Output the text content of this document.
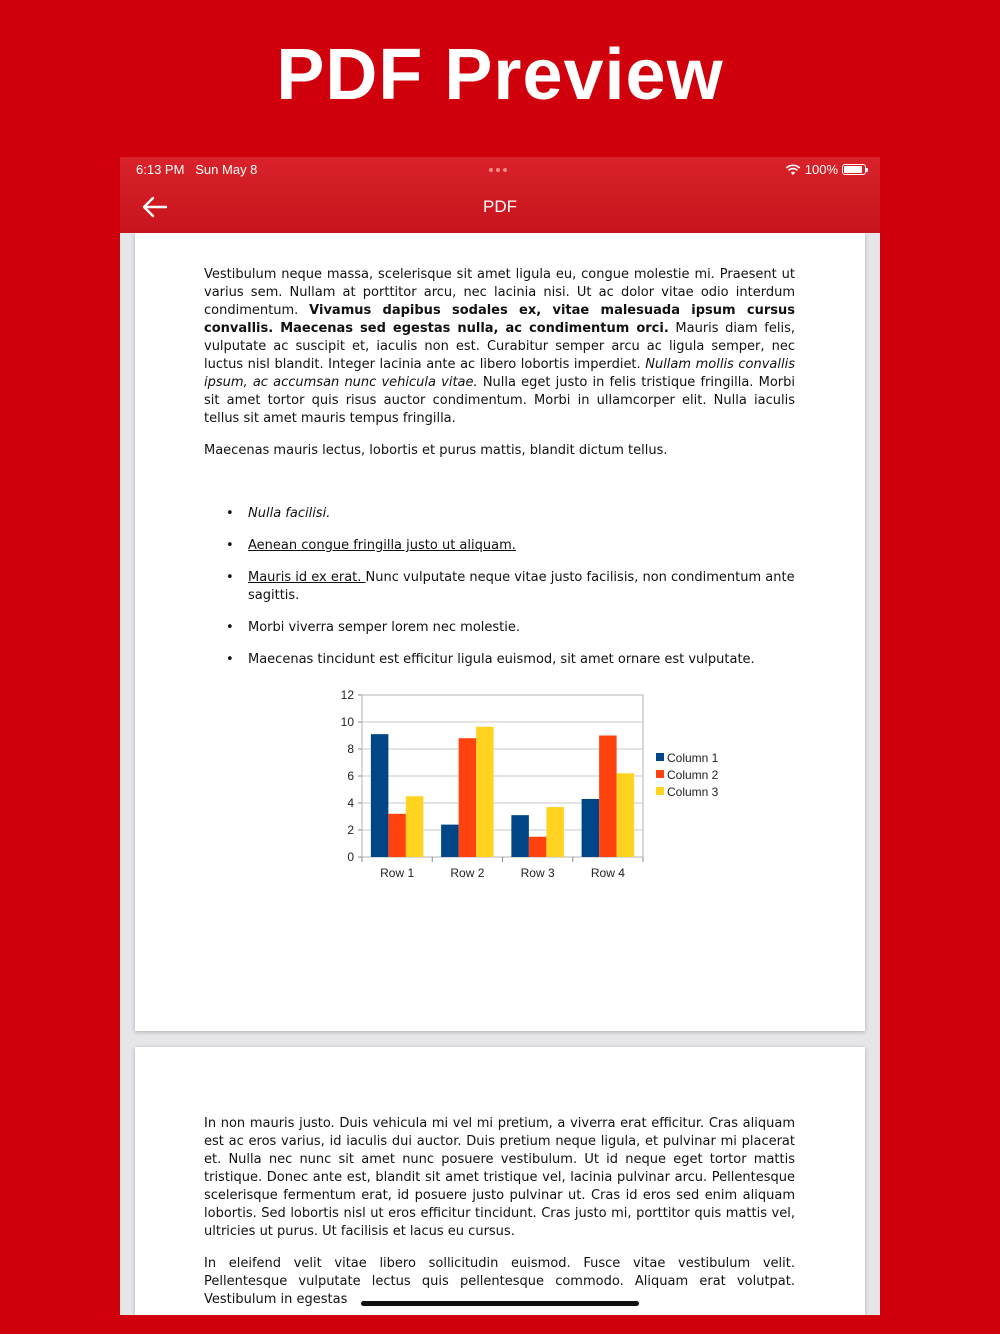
PDF Preview
6:13 PM Sun May 8	100%
PDF
Vestibulum neque massa, scelerisque sit amet ligula eu, congue molestie mi. Praesent ut varius sem. Nullam at porttitor arcu, nec lacinia nisi. Ut ac dolor vitae odio interdum condimentum. Vivamus dapibus sodales ex, vitae malesuada ipsum cursus convallis. Maecenas sed egestas nulla, ac condimentum orci. Mauris diam felis, vulputate ac suscipit et, iaculis non est. Curabitur semper arcu ac ligula semper, nec luctus nisl blandit. Integer lacinia ante ac libero lobortis imperdiet. Nullam mollis convallis ipsum, ac accumsan nunc vehicula vitae. Nulla eget justo in felis tristique fringilla. Morbi sit amet tortor quis risus auctor condimentum. Morbi in ullamcorper elit. Nulla iaculis tellus sit amet mauris tempus fringilla.
Maecenas mauris lectus, lobortis et purus mattis, blandit dictum tellus.
• Nulla facilisi.
• Aenean congue fringilla justo ut aliquam.
• Mauris id ex erat. Nunc vulputate neque vitae justo facilisis, non condimentum ante sagittis.
• Morbi viverra semper lorem nec molestie.
• Maecenas tincidunt est efficitur ligula euismod, sit amet ornare est vulputate.
0
2
4
6
8
10
12
Row 1	Row 2	Row 3	Row 4
Column 1
Column 2
Column 3
In non mauris justo. Duis vehicula mi vel mi pretium, a viverra erat efficitur. Cras aliquam est ac eros varius, id iaculis dui auctor. Duis pretium neque ligula, et pulvinar mi placerat et. Nulla nec nunc sit amet nunc posuere vestibulum. Ut id neque eget tortor mattis tristique. Donec ante est, blandit sit amet tristique vel, lacinia pulvinar arcu. Pellentesque scelerisque fermentum erat, id posuere justo pulvinar ut. Cras id eros sed enim aliquam lobortis. Sed lobortis nisl ut eros efficitur tincidunt. Cras justo mi, porttitor quis mattis vel, ultricies ut purus. Ut facilisis et lacus eu cursus.
In eleifend velit vitae libero sollicitudin euismod. Fusce vitae vestibulum velit. Pellentesque vulputate lectus quis pellentesque commodo. Aliquam erat volutpat. Vestibulum in egestas
